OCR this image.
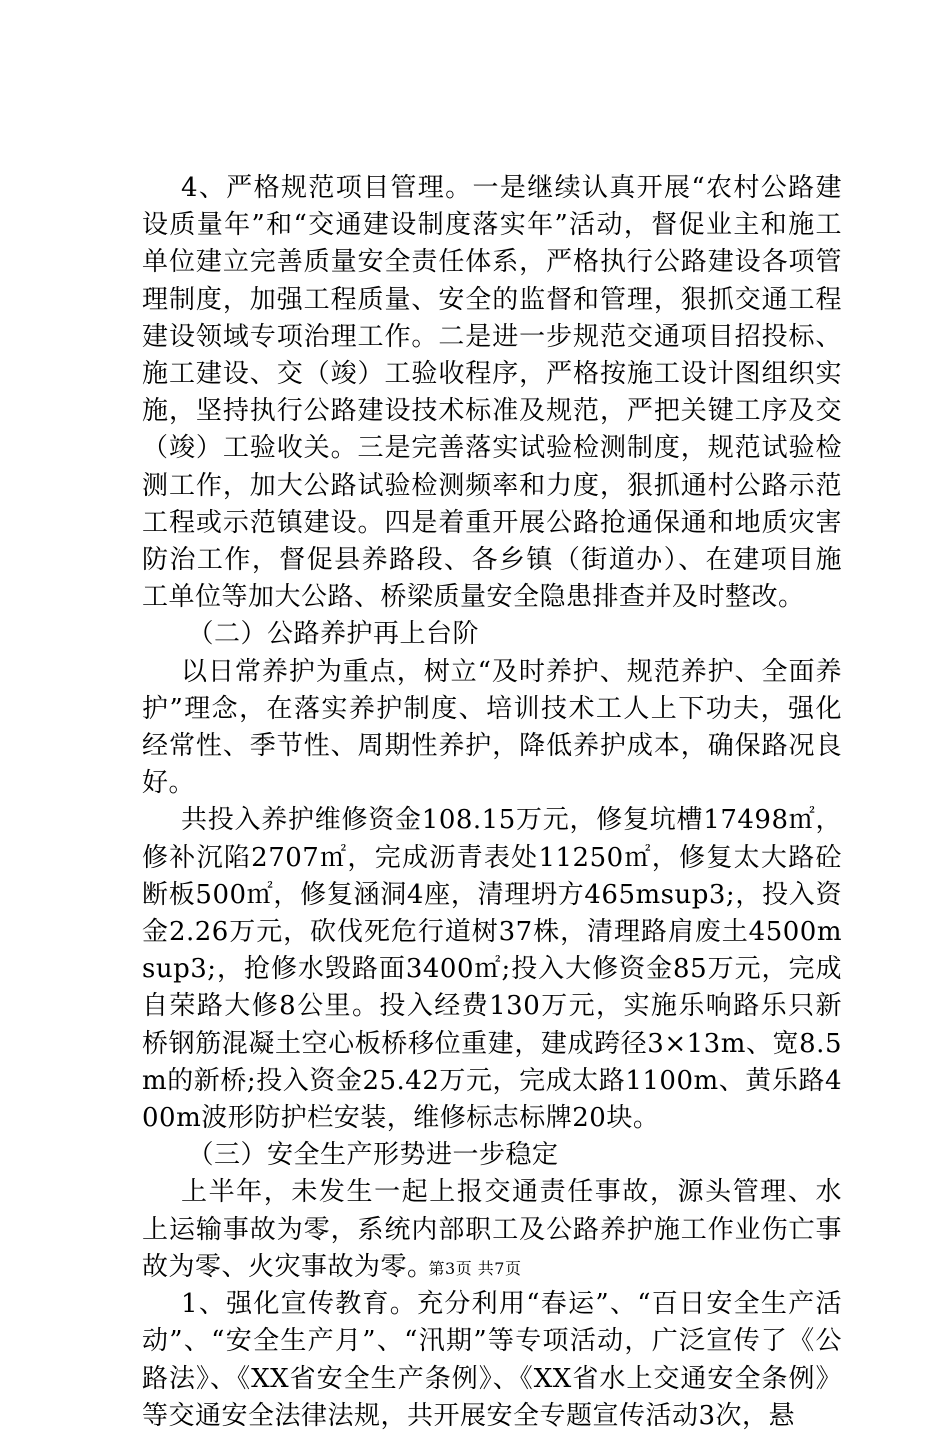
4、严格规范项目管理。一是继续认真开展“农村公路建设质量年”和“交通建设制度落实年”活动，督促业主和施工单位建立完善质量安全责任体系，严格执行公路建设各项管理制度，加强工程质量、安全的监督和管理，狠抓交通工程建设领域专项治理工作。二是进一步规范交通项目招投标、施工建设、交（竣）工验收程序，严格按施工设计图组织实施，坚持执行公路建设技术标准及规范，严把关键工序及交（竣）工验收关。三是完善落实试验检测制度，规范试验检测工作，加大公路试验检测频率和力度，狠抓通村公路示范工程或示范镇建设。四是着重开展公路抢通保通和地质灾害防治工作，督促县养路段、各乡镇（街道办）、在建项目施工单位等加大公路、桥梁质量安全隐患排查并及时整改。

（二）公路养护再上台阶

以日常养护为重点，树立“及时养护、规范养护、全面养护”理念，在落实养护制度、培训技术工人上下功夫，强化经常性、季节性、周期性养护，降低养护成本，确保路况良好。

共投入养护维修资金108.15万元，修复坑槽17498㎡，修补沉陷2707㎡，完成沥青表处11250㎡，修复太大路砼断板500㎡，修复涵洞4座，清理坍方465msup3;，投入资金2.26万元，砍伐死危行道树37株，清理路肩废土4500msup3;，抢修水毁路面3400㎡;投入大修资金85万元，完成自荣路大修8公里。投入经费130万元，实施乐响路乐只新桥钢筋混凝土空心板桥移位重建，建成跨径3×13m、宽8.5m的新桥;投入资金25.42万元，完成太路1100m、黄乐路400m波形防护栏安装，维修标志标牌20块。

（三）安全生产形势进一步稳定

上半年，未发生一起上报交通责任事故，源头管理、水上运输事故为零，系统内部职工及公路养护施工作业伤亡事故为零、火灾事故为零。

1、强化宣传教育。充分利用“春运”、“百日安全生产活动”、“安全生产月”、“汛期”等专项活动，广泛宣传了《公路法》、《XX省安全生产条例》、《XX省水上交通安全条例》等交通安全法律法规，共开展安全专题宣传活动3次，悬

第3页 共7页
